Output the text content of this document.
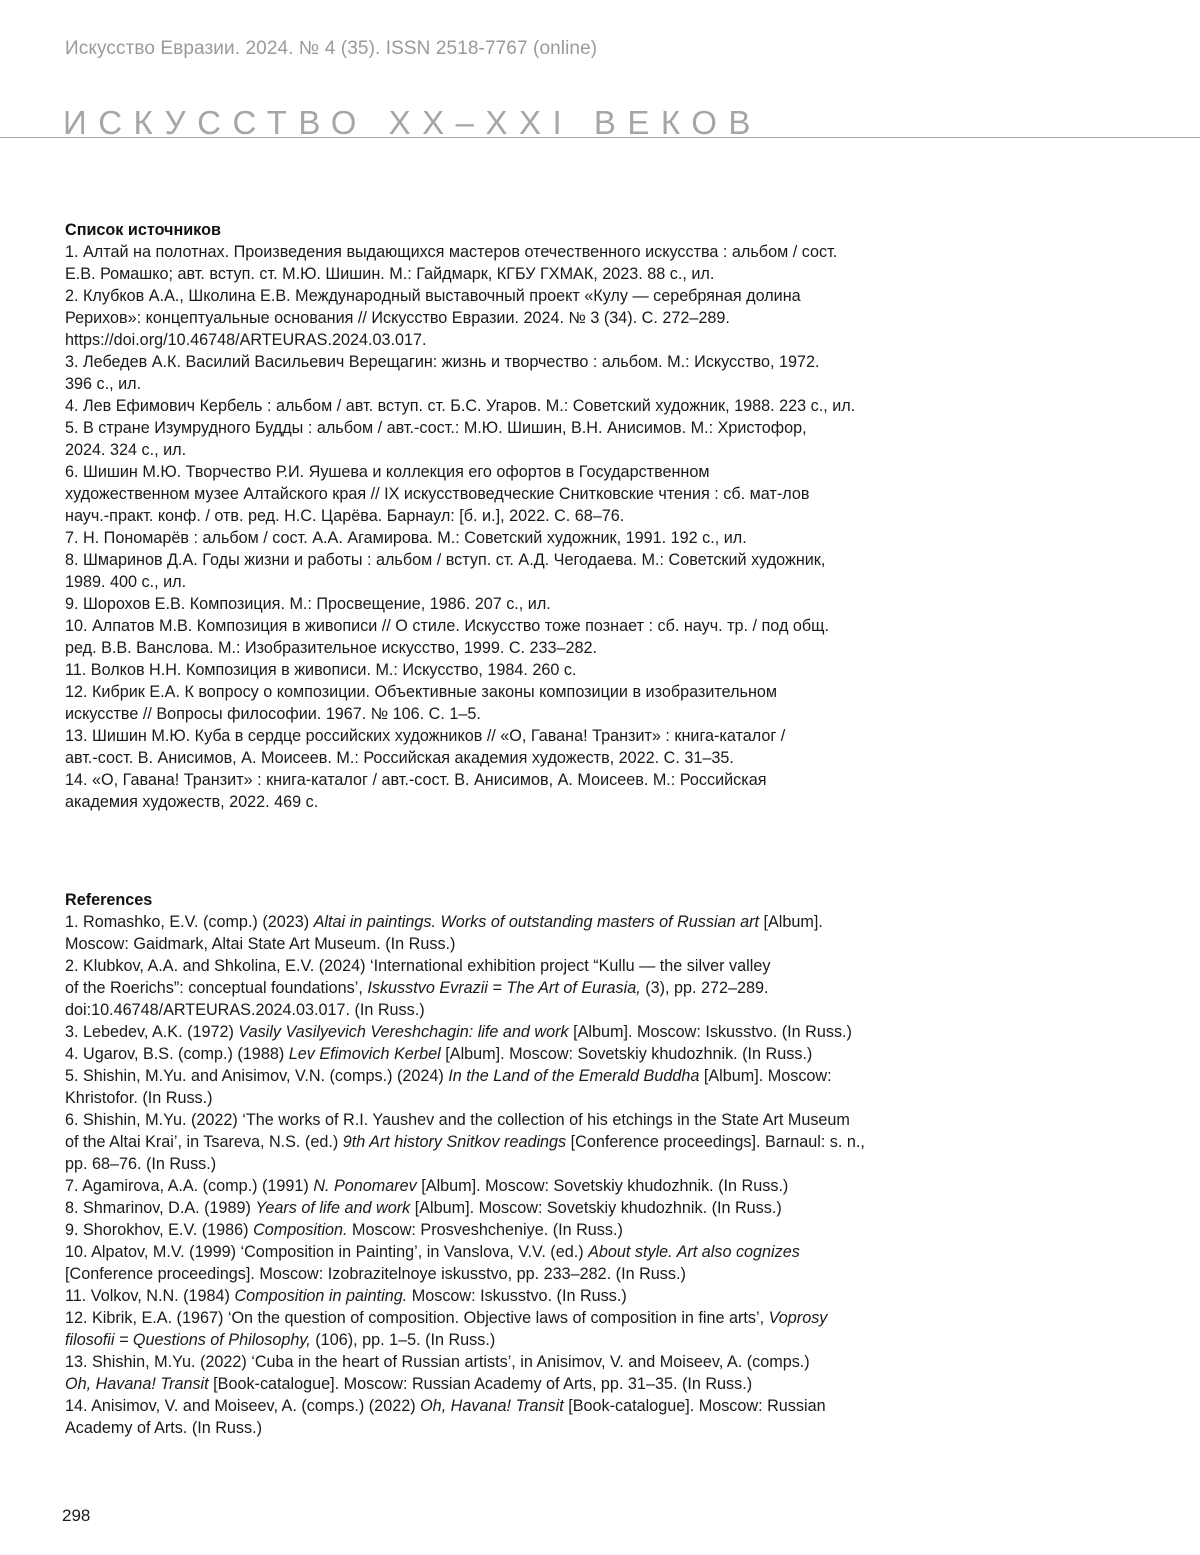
Искусство Евразии. 2024. № 4 (35). ISSN 2518-7767 (online)
ИСКУССТВО XX–XXI ВЕКОВ
Список источников

1. Алтай на полотнах. Произведения выдающихся мастеров отечественного искусства : альбом / сост.
Е.В. Ромашко; авт. вступ. ст. М.Ю. Шишин. М.: Гайдмарк, КГБУ ГХМАК, 2023. 88 с., ил.

2. Клубков А.А., Школина Е.В. Международный выставочный проект «Кулу — серебряная долина
Рерихов»: концептуальные основания // Искусство Евразии. 2024. № 3 (34). С. 272–289.
https://doi.org/10.46748/ARTEURAS.2024.03.017.

3. Лебедев А.К. Василий Васильевич Верещагин: жизнь и творчество : альбом. М.: Искусство, 1972.
396 с., ил.

4. Лев Ефимович Кербель : альбом / авт. вступ. ст. Б.С. Угаров. М.: Советский художник, 1988. 223 с., ил.

5. В стране Изумрудного Будды : альбом / авт.-сост.: М.Ю. Шишин, В.Н. Анисимов. М.: Христофор,
2024. 324 с., ил.

6. Шишин М.Ю. Творчество Р.И. Яушева и коллекция его офортов в Государственном
художественном музее Алтайского края // IX искусствоведческие Снитковские чтения : сб. мат-лов
науч.-практ. конф. / отв. ред. Н.С. Царёва. Барнаул: [б. и.], 2022. С. 68–76.

7. Н. Пономарёв : альбом / сост. А.А. Агамирова. М.: Советский художник, 1991. 192 с., ил.

8. Шмаринов Д.А. Годы жизни и работы : альбом / вступ. ст. А.Д. Чегодаева. М.: Советский художник,
1989. 400 с., ил.

9. Шорохов Е.В. Композиция. М.: Просвещение, 1986. 207 с., ил.

10. Алпатов М.В. Композиция в живописи // О стиле. Искусство тоже познает : сб. науч. тр. / под общ.
ред. В.В. Ванслова. М.: Изобразительное искусство, 1999. С. 233–282.

11. Волков Н.Н. Композиция в живописи. М.: Искусство, 1984. 260 с.

12. Кибрик Е.А. К вопросу о композиции. Объективные законы композиции в изобразительном
искусстве // Вопросы философии. 1967. № 106. С. 1–5.

13. Шишин М.Ю. Куба в сердце российских художников // «О, Гавана! Транзит» : книга-каталог /
авт.-сост. В. Анисимов, А. Моисеев. М.: Российская академия художеств, 2022. С. 31–35.

14. «О, Гавана! Транзит» : книга-каталог / авт.-сост. В. Анисимов, А. Моисеев. М.: Российская
академия художеств, 2022. 469 с.

References

1. Romashko, E.V. (comp.) (2023) Altai in paintings. Works of outstanding masters of Russian art [Album].
Moscow: Gaidmark, Altai State Art Museum. (In Russ.)

2. Klubkov, A.A. and Shkolina, E.V. (2024) ‘International exhibition project “Kullu — the silver valley
of the Roerichs”: conceptual foundations’, Iskusstvo Evrazii = The Art of Eurasia, (3), pp. 272–289.
doi:10.46748/ARTEURAS.2024.03.017. (In Russ.)

3. Lebedev, A.K. (1972) Vasily Vasilyevich Vereshchagin: life and work [Album]. Moscow: Iskusstvo. (In Russ.)

4. Ugarov, B.S. (comp.) (1988) Lev Efimovich Kerbel [Album]. Moscow: Sovetskiy khudozhnik. (In Russ.)

5. Shishin, M.Yu. and Anisimov, V.N. (comps.) (2024) In the Land of the Emerald Buddha [Album]. Moscow:
Khristofor. (In Russ.)

6. Shishin, M.Yu. (2022) ‘The works of R.I. Yaushev and the collection of his etchings in the State Art Museum
of the Altai Krai’, in Tsareva, N.S. (ed.) 9th Art history Snitkov readings [Conference proceedings]. Barnaul: s. n.,
pp. 68–76. (In Russ.)

7. Agamirova, A.A. (comp.) (1991) N. Ponomarev [Album]. Moscow: Sovetskiy khudozhnik. (In Russ.)

8. Shmarinov, D.A. (1989) Years of life and work [Album]. Moscow: Sovetskiy khudozhnik. (In Russ.)

9. Shorokhov, E.V. (1986) Composition. Moscow: Prosveshcheniye. (In Russ.)

10. Alpatov, M.V. (1999) ‘Composition in Painting’, in Vanslova, V.V. (ed.) About style. Art also cognizes
[Conference proceedings]. Moscow: Izobrazitelnoye iskusstvo, pp. 233–282. (In Russ.)

11. Volkov, N.N. (1984) Composition in painting. Moscow: Iskusstvo. (In Russ.)

12. Kibrik, E.A. (1967) ‘On the question of composition. Objective laws of composition in fine arts’, Voprosy
filosofii = Questions of Philosophy, (106), pp. 1–5. (In Russ.)

13. Shishin, M.Yu. (2022) ‘Cuba in the heart of Russian artists’, in Anisimov, V. and Moiseev, A. (comps.)
Oh, Havana! Transit [Book-catalogue]. Moscow: Russian Academy of Arts, pp. 31–35. (In Russ.)

14. Anisimov, V. and Moiseev, A. (comps.) (2022) Oh, Havana! Transit [Book-catalogue]. Moscow: Russian
Academy of Arts. (In Russ.)

298
